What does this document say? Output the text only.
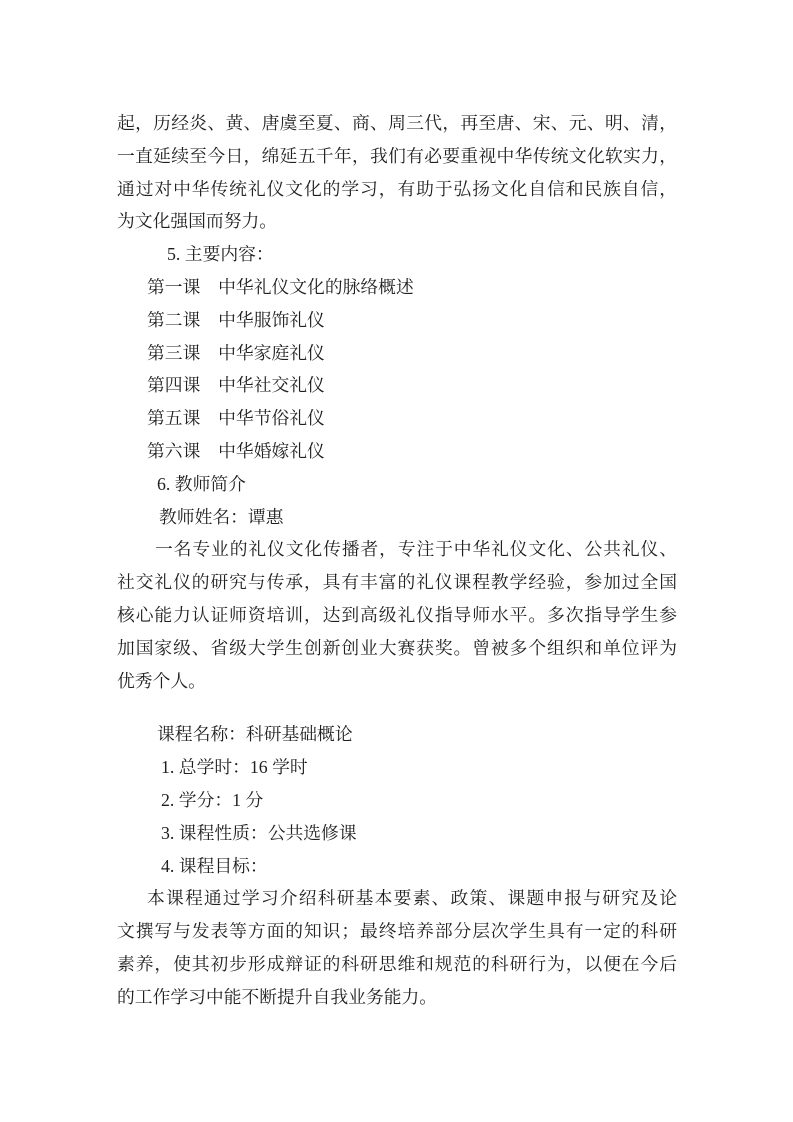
起，历经炎、黄、唐虞至夏、商、周三代，再至唐、宋、元、明、清，
一直延续至今日，绵延五千年，我们有必要重视中华传统文化软实力，
通过对中华传统礼仪文化的学习，有助于弘扬文化自信和民族自信，
为文化强国而努力。
5. 主要内容：
第一课　中华礼仪文化的脉络概述
第二课　中华服饰礼仪
第三课　中华家庭礼仪
第四课　中华社交礼仪
第五课　中华节俗礼仪
第六课　中华婚嫁礼仪
6. 教师简介
教师姓名：谭惠
一名专业的礼仪文化传播者，专注于中华礼仪文化、公共礼仪、
社交礼仪的研究与传承，具有丰富的礼仪课程教学经验，参加过全国
核心能力认证师资培训，达到高级礼仪指导师水平。多次指导学生参
加国家级、省级大学生创新创业大赛获奖。曾被多个组织和单位评为
优秀个人。
课程名称：科研基础概论
1. 总学时：16 学时
2. 学分：1 分
3. 课程性质：公共选修课
4. 课程目标：
本课程通过学习介绍科研基本要素、政策、课题申报与研究及论
文撰写与发表等方面的知识；最终培养部分层次学生具有一定的科研
素养，使其初步形成辩证的科研思维和规范的科研行为，以便在今后
的工作学习中能不断提升自我业务能力。
